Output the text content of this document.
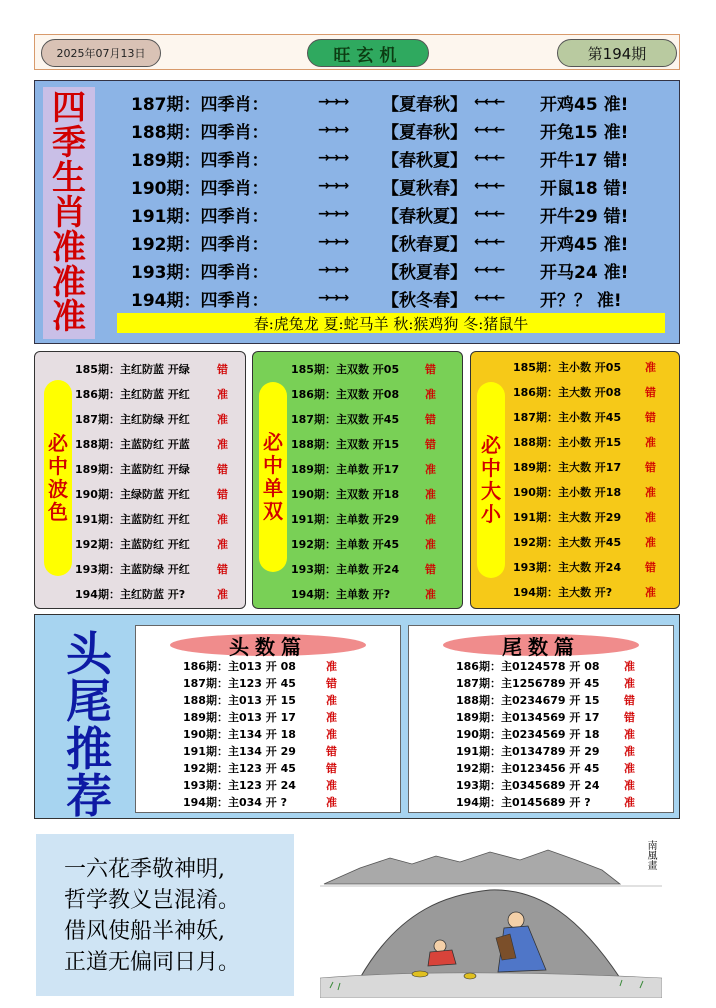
2025年07月13日	旺玄机	第194期
四
季
生
肖
准
准
准
187期：四季肖：	→→→	【夏春秋】 ←←←	开鸡45 准!
188期：四季肖：	→→→	【夏春秋】 ←←←	开兔15 准!
189期：四季肖：	→→→	【春秋夏】 ←←←	开牛17 错!
190期：四季肖：	→→→	【夏秋春】 ←←←	开鼠18 错!
191期：四季肖：	→→→	【春秋夏】 ←←←	开牛29 错!
192期：四季肖：	→→→	【秋春夏】 ←←←	开鸡45 准!
193期：四季肖：	→→→	【秋夏春】 ←←←	开马24 准!
194期：四季肖：	→→→	【秋冬春】 ←←←	开？？ 准!
春:虎兔龙 夏:蛇马羊 秋:猴鸡狗 冬:猪鼠牛
必
中
波
色
185期：主红防蓝 开绿	错
186期：主红防蓝 开红	准
187期：主红防绿 开红	准
188期：主蓝防红 开蓝	准
189期：主蓝防红 开绿	错
190期：主绿防蓝 开红	错
191期：主蓝防红 开红	准
192期：主蓝防红 开红	准
193期：主蓝防绿 开红	错
194期：主红防蓝 开?	准
必
中
单
双
185期：主双数 开05	错
186期：主双数 开08	准
187期：主双数 开45	错
188期：主双数 开15	错
189期：主单数 开17	准
190期：主双数 开18	准
191期：主单数 开29	准
192期：主单数 开45	准
193期：主单数 开24	错
194期：主单数 开?	准
必
中
大
小
185期：主小数 开05	准
186期：主大数 开08	错
187期：主小数 开45	错
188期：主小数 开15	准
189期：主大数 开17	错
190期：主小数 开18	准
191期：主大数 开29	准
192期：主大数 开45	准
193期：主大数 开24	错
194期：主大数 开?	准
头
尾
推
荐
头数篇
186期：主013 开 08	准
187期：主123 开 45	错
188期：主013 开 15	准
189期：主013 开 17	准
190期：主134 开 18	准
191期：主134 开 29	错
192期：主123 开 45	错
193期：主123 开 24	准
194期：主034 开 ?	准
尾数篇
186期：主0124578 开 08	准
187期：主1256789 开 45	准
188期：主0234679 开 15	错
189期：主0134569 开 17	错
190期：主0234569 开 18	准
191期：主0134789 开 29	准
192期：主0123456 开 45	准
193期：主0345689 开 24	准
194期：主0145689 开 ?	准
一六花季敬神明,
哲学教义岂混淆。
借风使船半神妖,
正道无偏同日月。
南風畫
